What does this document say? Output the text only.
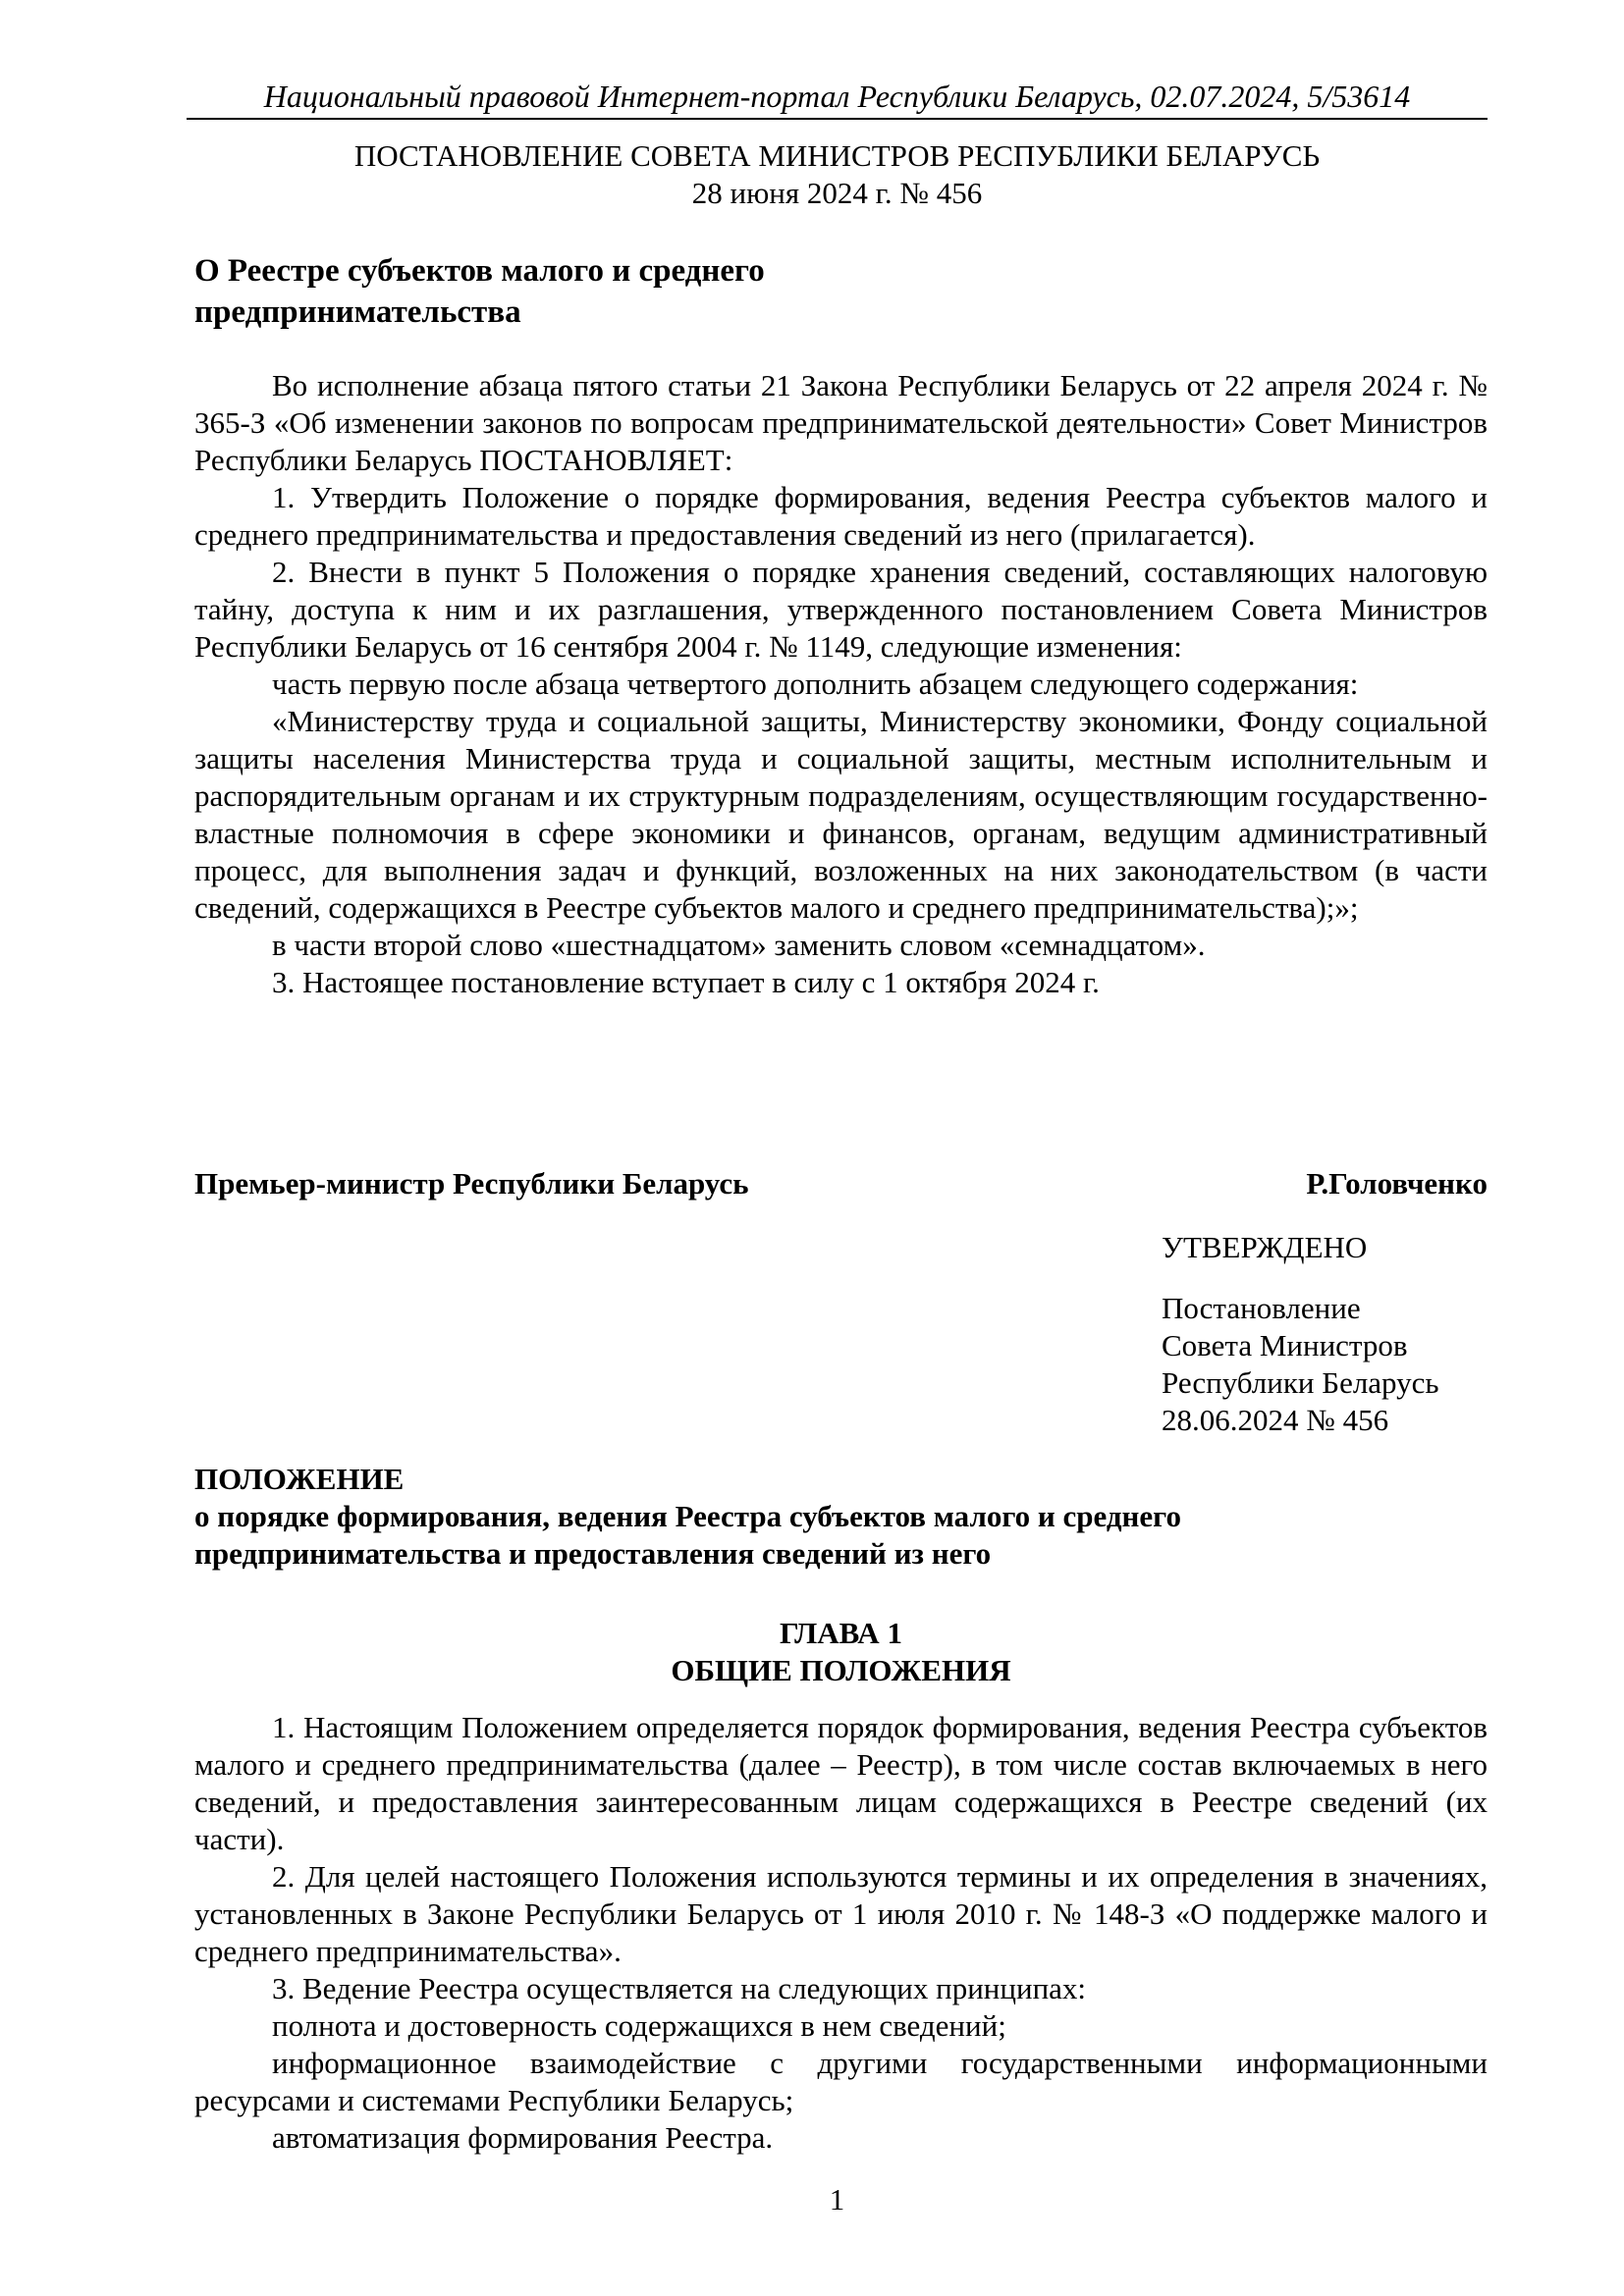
Национальный правовой Интернет-портал Республики Беларусь, 02.07.2024, 5/53614
ПОСТАНОВЛЕНИЕ СОВЕТА МИНИСТРОВ РЕСПУБЛИКИ БЕЛАРУСЬ
28 июня 2024 г. № 456
О Реестре субъектов малого и среднего
предпринимательства

Во исполнение абзаца пятого статьи 21 Закона Республики Беларусь от 22 апреля 2024 г. № 365-З «Об изменении законов по вопросам предпринимательской деятельности» Совет Министров Республики Беларусь ПОСТАНОВЛЯЕТ:

1. Утвердить Положение о порядке формирования, ведения Реестра субъектов малого и среднего предпринимательства и предоставления сведений из него (прилагается).

2. Внести в пункт 5 Положения о порядке хранения сведений, составляющих налоговую тайну, доступа к ним и их разглашения, утвержденного постановлением Совета Министров Республики Беларусь от 16 сентября 2004 г. № 1149, следующие изменения:

часть первую после абзаца четвертого дополнить абзацем следующего содержания:

«Министерству труда и социальной защиты, Министерству экономики, Фонду социальной защиты населения Министерства труда и социальной защиты, местным исполнительным и распорядительным органам и их структурным подразделениям, осуществляющим государственно-властные полномочия в сфере экономики и финансов, органам, ведущим административный процесс, для выполнения задач и функций, возложенных на них законодательством (в части сведений, содержащихся в Реестре субъектов малого и среднего предпринимательства);»;

в части второй слово «шестнадцатом» заменить словом «семнадцатом».

3. Настоящее постановление вступает в силу с 1 октября 2024 г.

Премьер-министр Республики Беларусь	Р.Головченко
УТВЕРЖДЕНО
Постановление
Совета Министров
Республики Беларусь
28.06.2024 № 456
ПОЛОЖЕНИЕ
о порядке формирования, ведения Реестра субъектов малого и среднего
предпринимательства и предоставления сведений из него
ГЛАВА 1
ОБЩИЕ ПОЛОЖЕНИЯ

1. Настоящим Положением определяется порядок формирования, ведения Реестра субъектов малого и среднего предпринимательства (далее – Реестр), в том числе состав включаемых в него сведений, и предоставления заинтересованным лицам содержащихся в Реестре сведений (их части).

2. Для целей настоящего Положения используются термины и их определения в значениях, установленных в Законе Республики Беларусь от 1 июля 2010 г. № 148-З «О поддержке малого и среднего предпринимательства».

3. Ведение Реестра осуществляется на следующих принципах:

полнота и достоверность содержащихся в нем сведений;

информационное взаимодействие с другими государственными информационными ресурсами и системами Республики Беларусь;

автоматизация формирования Реестра.

1
